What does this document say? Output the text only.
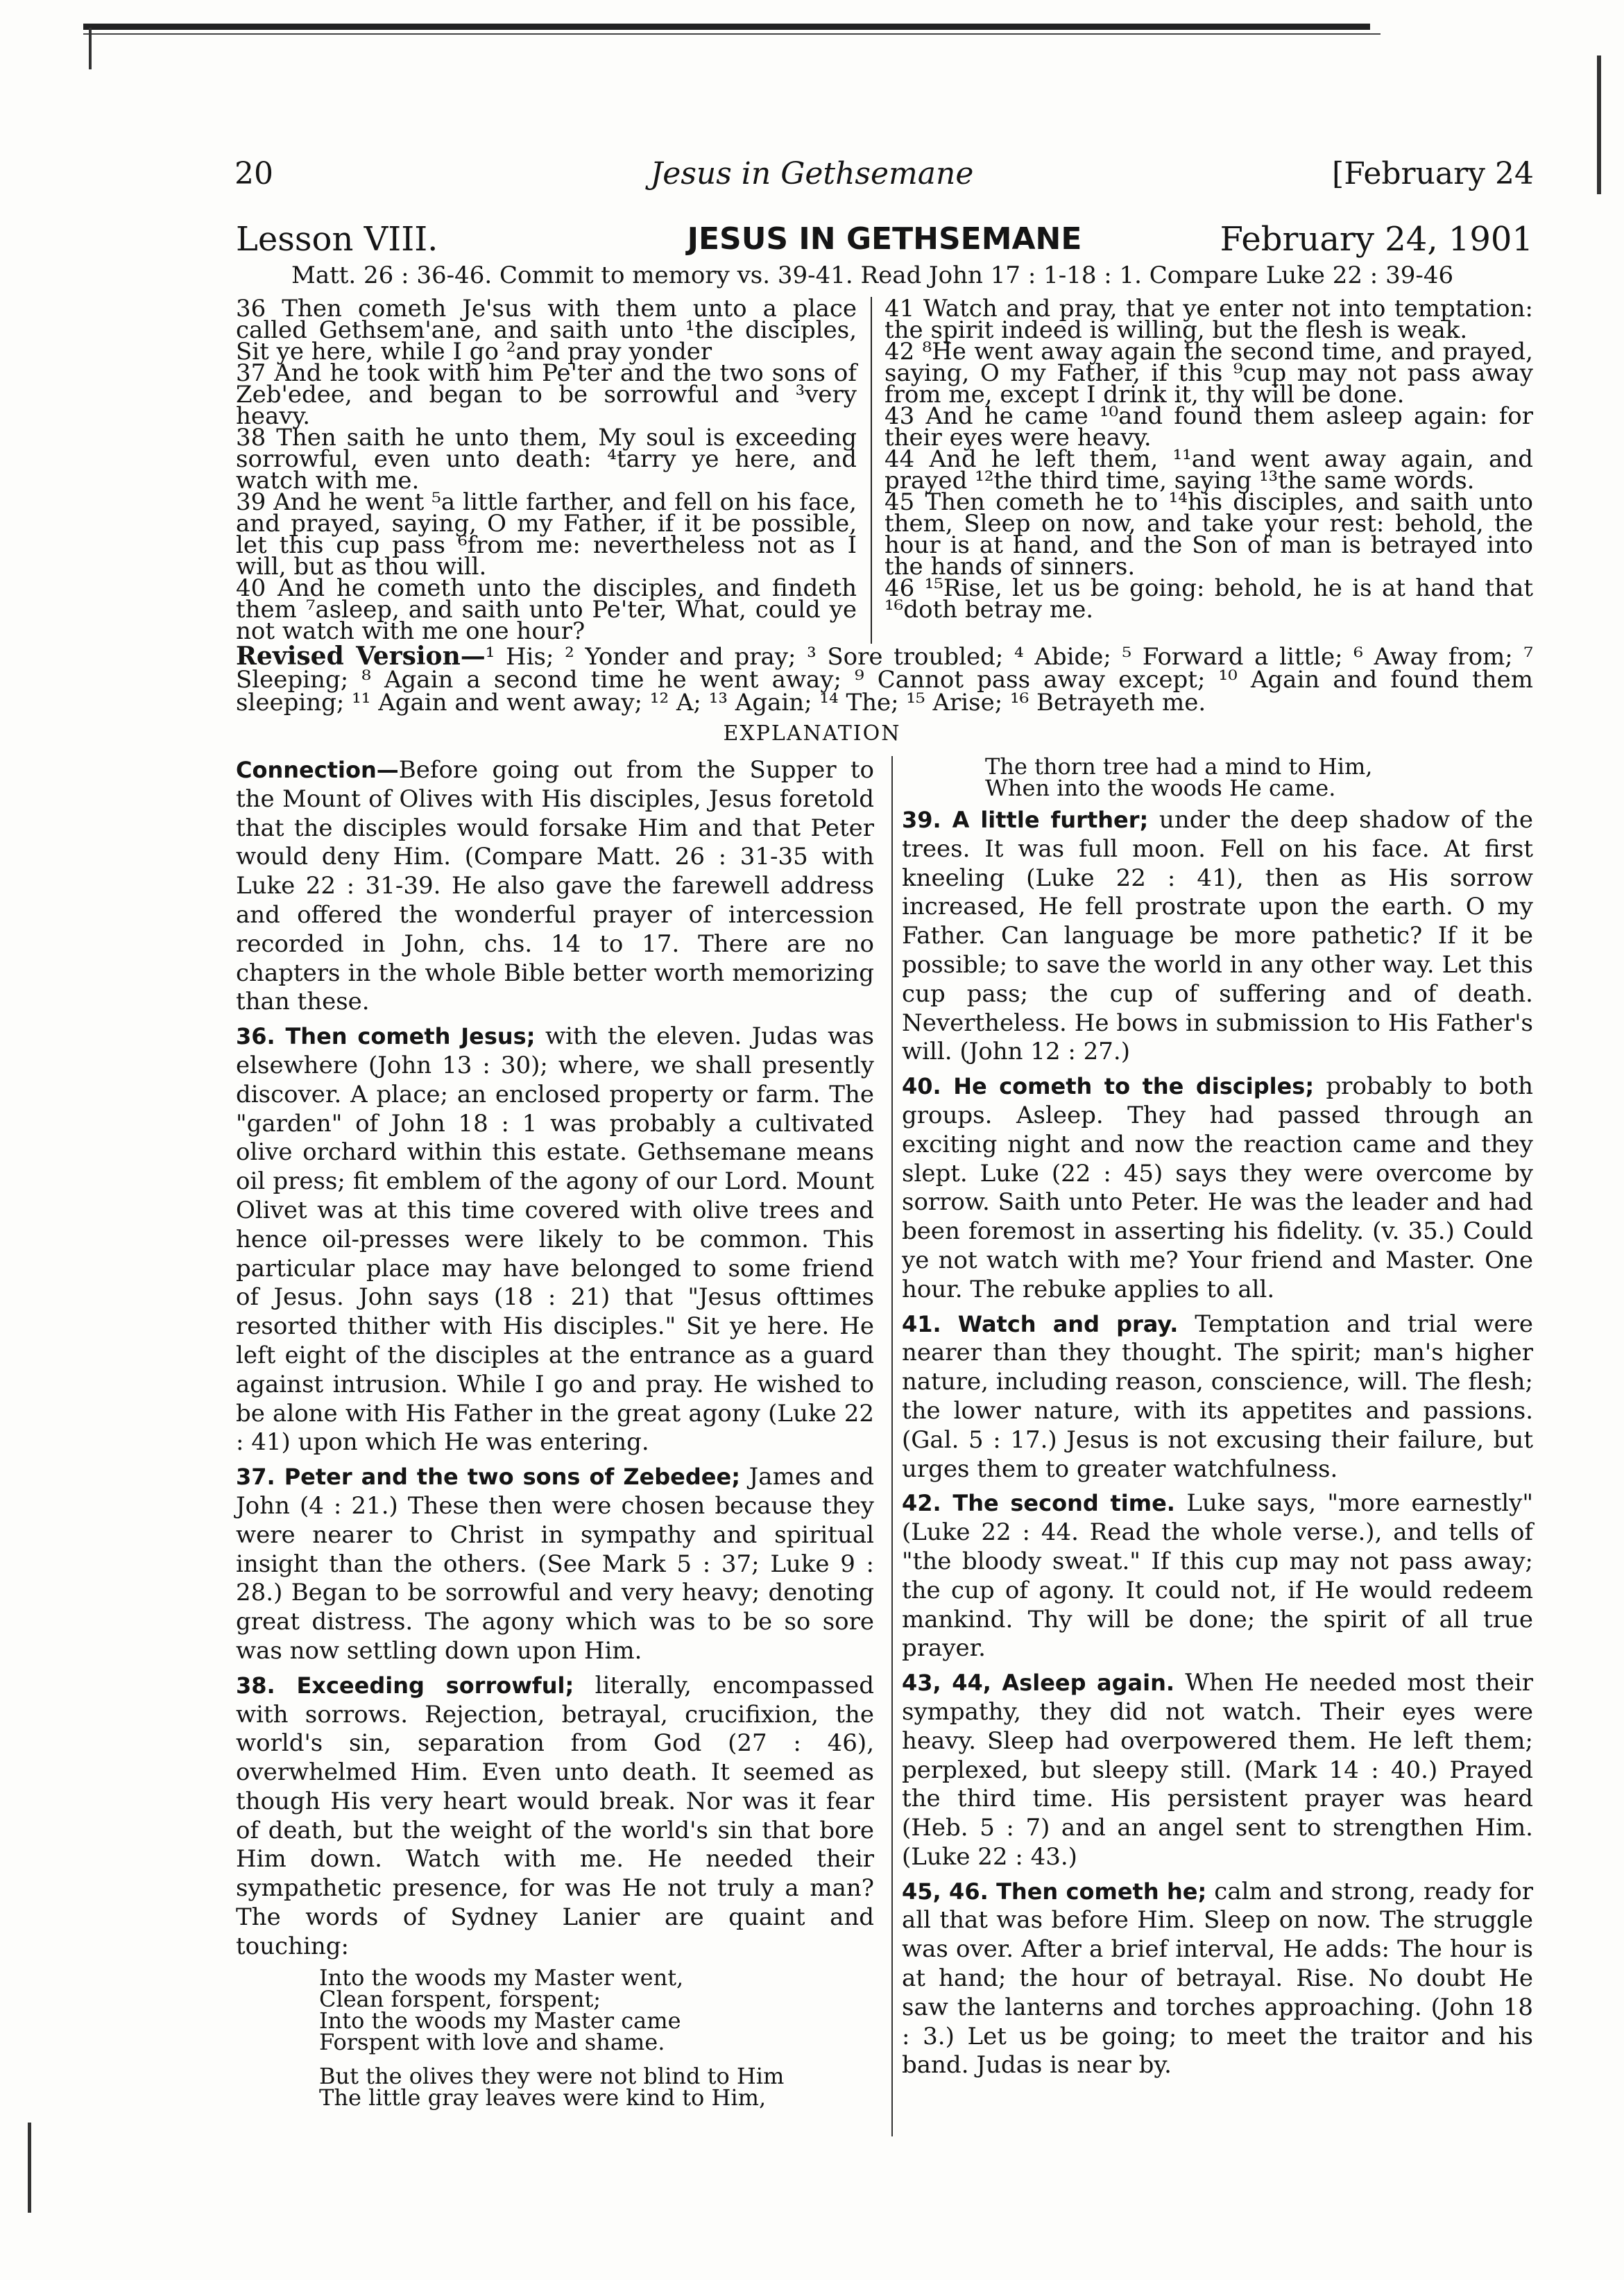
20	Jesus in Gethsemane	[February 24
Lesson VIII.	JESUS IN GETHSEMANE	February 24, 1901
Matt. 26 : 36-46. Commit to memory vs. 39-41. Read John 17 : 1-18 : 1. Compare Luke 22 : 39-46

36 Then cometh Je'sus with them unto a place called Gethsem'ane, and saith unto ¹the disciples, Sit ye here, while I go ²and pray yonder

37 And he took with him Pe'ter and the two sons of Zeb'edee, and began to be sorrowful and ³very heavy.

38 Then saith he unto them, My soul is exceeding sorrowful, even unto death: ⁴tarry ye here, and watch with me.

39 And he went ⁵a little farther, and fell on his face, and prayed, saying, O my Father, if it be possible, let this cup pass ⁶from me: nevertheless not as I will, but as thou will.

40 And he cometh unto the disciples, and findeth them ⁷asleep, and saith unto Pe'ter, What, could ye not watch with me one hour?

41 Watch and pray, that ye enter not into temptation: the spirit indeed is willing, but the flesh is weak.

42 ⁸He went away again the second time, and prayed, saying, O my Father, if this ⁹cup may not pass away from me, except I drink it, thy will be done.

43 And he came ¹⁰and found them asleep again: for their eyes were heavy.

44 And he left them, ¹¹and went away again, and prayed ¹²the third time, saying ¹³the same words.

45 Then cometh he to ¹⁴his disciples, and saith unto them, Sleep on now, and take your rest: behold, the hour is at hand, and the Son of man is betrayed into the hands of sinners.

46 ¹⁵Rise, let us be going: behold, he is at hand that ¹⁶doth betray me.

Revised Version—¹ His; ² Yonder and pray; ³ Sore troubled; ⁴ Abide; ⁵ Forward a little; ⁶ Away from; ⁷ Sleeping; ⁸ Again a second time he went away; ⁹ Cannot pass away except; ¹⁰ Again and found them sleeping; ¹¹ Again and went away; ¹² A; ¹³ Again; ¹⁴ The; ¹⁵ Arise; ¹⁶ Betrayeth me.
EXPLANATION

Connection—Before going out from the Supper to the Mount of Olives with His disciples, Jesus foretold that the disciples would forsake Him and that Peter would deny Him. (Compare Matt. 26 : 31-35 with Luke 22 : 31-39. He also gave the farewell address and offered the wonderful prayer of intercession recorded in John, chs. 14 to 17. There are no chapters in the whole Bible better worth memorizing than these.

36. Then cometh Jesus; with the eleven. Judas was elsewhere (John 13 : 30); where, we shall presently discover. A place; an enclosed property or farm. The "garden" of John 18 : 1 was probably a cultivated olive orchard within this estate. Gethsemane means oil press; fit emblem of the agony of our Lord. Mount Olivet was at this time covered with olive trees and hence oil-presses were likely to be common. This particular place may have belonged to some friend of Jesus. John says (18 : 21) that "Jesus ofttimes resorted thither with His disciples." Sit ye here. He left eight of the disciples at the entrance as a guard against intrusion. While I go and pray. He wished to be alone with His Father in the great agony (Luke 22 : 41) upon which He was entering.

37. Peter and the two sons of Zebedee; James and John (4 : 21.) These then were chosen because they were nearer to Christ in sympathy and spiritual insight than the others. (See Mark 5 : 37; Luke 9 : 28.) Began to be sorrowful and very heavy; denoting great distress. The agony which was to be so sore was now settling down upon Him.

38. Exceeding sorrowful; literally, encompassed with sorrows. Rejection, betrayal, crucifixion, the world's sin, separation from God (27 : 46), overwhelmed Him. Even unto death. It seemed as though His very heart would break. Nor was it fear of death, but the weight of the world's sin that bore Him down. Watch with me. He needed their sympathetic presence, for was He not truly a man? The words of Sydney Lanier are quaint and touching:

Into the woods my Master went,
Clean forspent, forspent;
Into the woods my Master came
Forspent with love and shame.
But the olives they were not blind to Him
The little gray leaves were kind to Him,
The thorn tree had a mind to Him,
When into the woods He came.

39. A little further; under the deep shadow of the trees. It was full moon. Fell on his face. At first kneeling (Luke 22 : 41), then as His sorrow increased, He fell prostrate upon the earth. O my Father. Can language be more pathetic? If it be possible; to save the world in any other way. Let this cup pass; the cup of suffering and of death. Nevertheless. He bows in submission to His Father's will. (John 12 : 27.)

40. He cometh to the disciples; probably to both groups. Asleep. They had passed through an exciting night and now the reaction came and they slept. Luke (22 : 45) says they were overcome by sorrow. Saith unto Peter. He was the leader and had been foremost in asserting his fidelity. (v. 35.) Could ye not watch with me? Your friend and Master. One hour. The rebuke applies to all.

41. Watch and pray. Temptation and trial were nearer than they thought. The spirit; man's higher nature, including reason, conscience, will. The flesh; the lower nature, with its appetites and passions. (Gal. 5 : 17.) Jesus is not excusing their failure, but urges them to greater watchfulness.

42. The second time. Luke says, "more earnestly" (Luke 22 : 44. Read the whole verse.), and tells of "the bloody sweat." If this cup may not pass away; the cup of agony. It could not, if He would redeem mankind. Thy will be done; the spirit of all true prayer.

43, 44, Asleep again. When He needed most their sympathy, they did not watch. Their eyes were heavy. Sleep had overpowered them. He left them; perplexed, but sleepy still. (Mark 14 : 40.) Prayed the third time. His persistent prayer was heard (Heb. 5 : 7) and an angel sent to strengthen Him. (Luke 22 : 43.)

45, 46. Then cometh he; calm and strong, ready for all that was before Him. Sleep on now. The struggle was over. After a brief interval, He adds: The hour is at hand; the hour of betrayal. Rise. No doubt He saw the lanterns and torches approaching. (John 18 : 3.) Let us be going; to meet the traitor and his band. Judas is near by.
